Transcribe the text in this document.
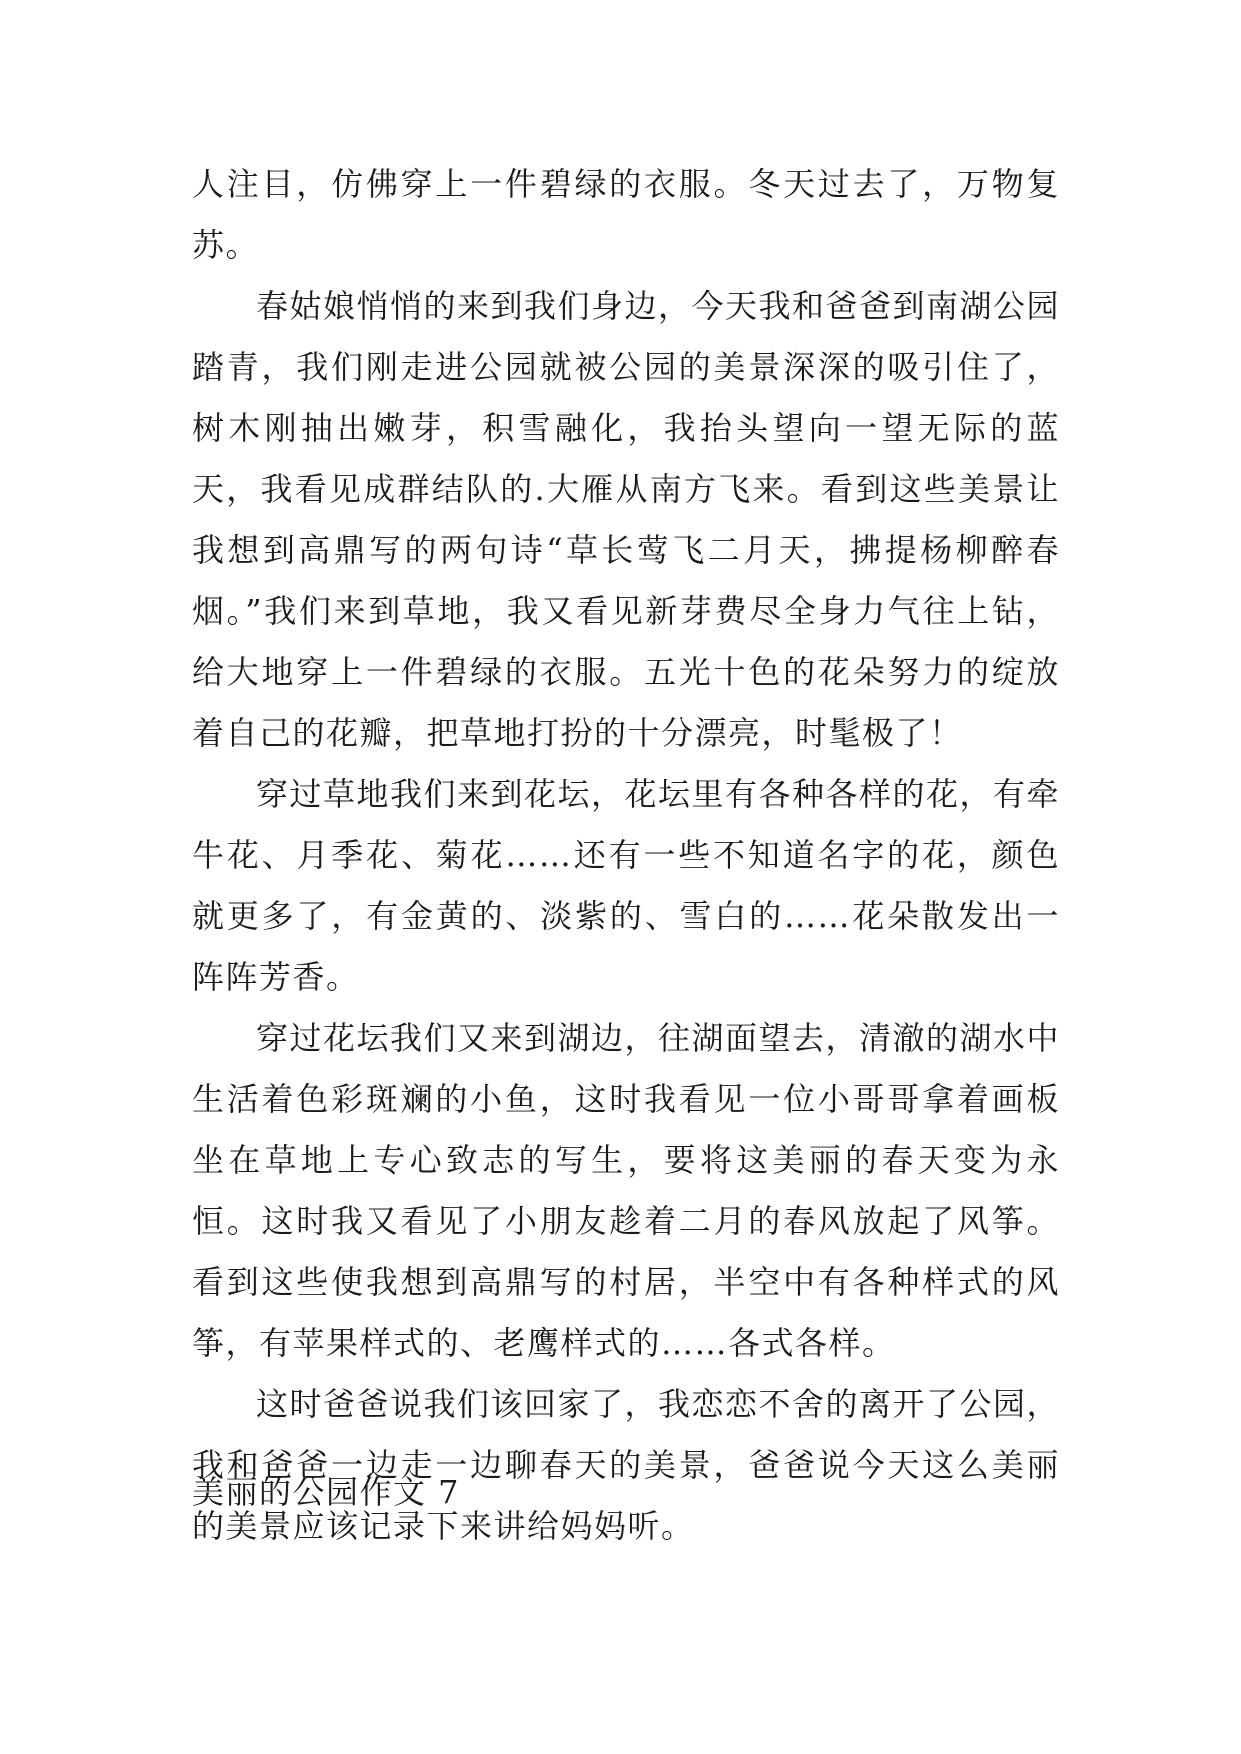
人注目，仿佛穿上一件碧绿的衣服。冬天过去了，万物复苏。

春姑娘悄悄的来到我们身边，今天我和爸爸到南湖公园踏青，我们刚走进公园就被公园的美景深深的吸引住了，树木刚抽出嫩芽，积雪融化，我抬头望向一望无际的蓝天，我看见成群结队的.大雁从南方飞来。看到这些美景让我想到高鼎写的两句诗“草长莺飞二月天，拂提杨柳醉春烟。”我们来到草地，我又看见新芽费尽全身力气往上钻，给大地穿上一件碧绿的衣服。五光十色的花朵努力的绽放着自己的花瓣，把草地打扮的十分漂亮，时髦极了！

穿过草地我们来到花坛，花坛里有各种各样的花，有牵牛花、月季花、菊花……还有一些不知道名字的花，颜色就更多了，有金黄的、淡紫的、雪白的……花朵散发出一阵阵芳香。

穿过花坛我们又来到湖边，往湖面望去，清澈的湖水中生活着色彩斑斓的小鱼，这时我看见一位小哥哥拿着画板坐在草地上专心致志的写生，要将这美丽的春天变为永恒。这时我又看见了小朋友趁着二月的春风放起了风筝。看到这些使我想到高鼎写的村居，半空中有各种样式的风筝，有苹果样式的、老鹰样式的……各式各样。

这时爸爸说我们该回家了，我恋恋不舍的离开了公园，我和爸爸一边走一边聊春天的美景，爸爸说今天这么美丽的美景应该记录下来讲给妈妈听。

美丽的公园作文 7
